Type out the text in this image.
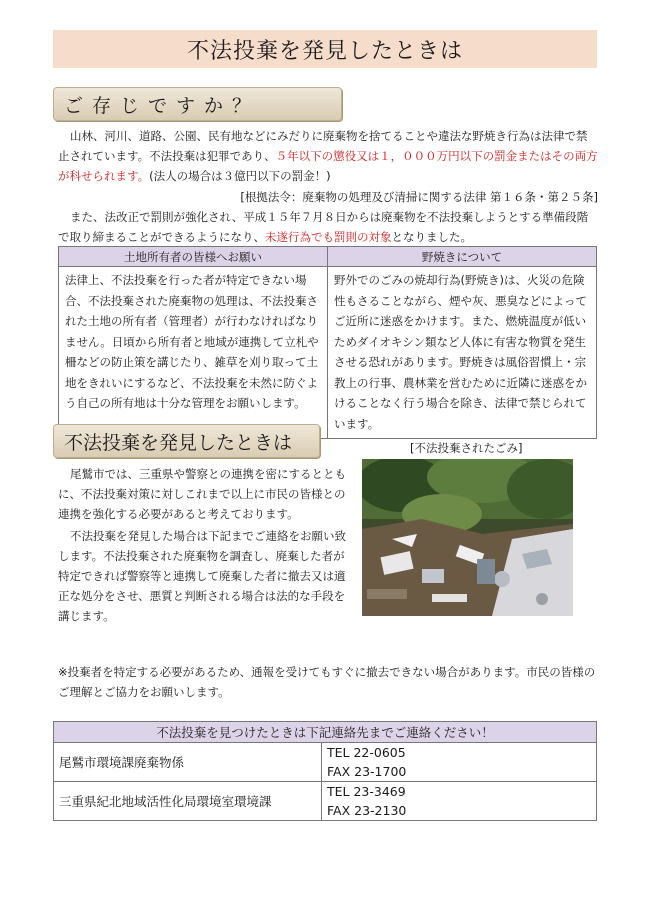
不法投棄を発見したときは
ご存じですか？

山林、河川、道路、公園、民有地などにみだりに廃棄物を捨てることや違法な野焼き行為は法律で禁止されています。不法投棄は犯罪であり、５年以下の懲役又は１，０００万円以下の罰金またはその両方が科せられます。(法人の場合は３億円以下の罰金！)

[根拠法令：廃棄物の処理及び清掃に関する法律 第１６条・第２５条]

また、法改正で罰則が強化され、平成１５年７月８日からは廃棄物を不法投棄しようとする準備段階で取り締まることができるようになり、未遂行為でも罰則の対象となりました。

土地所有者の皆様へお願い	野焼きについて
法律上、不法投棄を行った者が特定できない場合、不法投棄された廃棄物の処理は、不法投棄された土地の所有者（管理者）が行わなければなりません。日頃から所有者と地域が連携して立札や柵などの防止策を講じたり、雑草を刈り取って土地をきれいにするなど、不法投棄を未然に防ぐよう自己の所有地は十分な管理をお願いします。	野外でのごみの焼却行為(野焼き)は、火災の危険性もさることながら、煙や灰、悪臭などによってご近所に迷惑をかけます。また、燃焼温度が低いためダイオキシン類など人体に有害な物質を発生させる恐れがあります。野焼きは風俗習慣上・宗教上の行事、農林業を営むために近隣に迷惑をかけることなく行う場合を除き、法律で禁じられています。
不法投棄を発見したときは

尾鷲市では、三重県や警察との連携を密にするとともに、不法投棄対策に対しこれまで以上に市民の皆様との連携を強化する必要があると考えております。

不法投棄を発見した場合は下記までご連絡をお願い致します。不法投棄された廃棄物を調査し、廃棄した者が特定できれば警察等と連携して廃棄した者に撤去又は適正な処分をさせ、悪質と判断される場合は法的な手段を講じます。

[不法投棄されたごみ]

※投棄者を特定する必要があるため、通報を受けてもすぐに撤去できない場合があります。市民の皆様のご理解とご協力をお願いします。

不法投棄を見つけたときは下記連絡先までご連絡ください！	
尾鷲市環境課廃棄物係	TEL 22-0605
FAX 23-1700

三重県紀北地域活性化局環境室環境課	TEL 23-3469
FAX 23-2130
